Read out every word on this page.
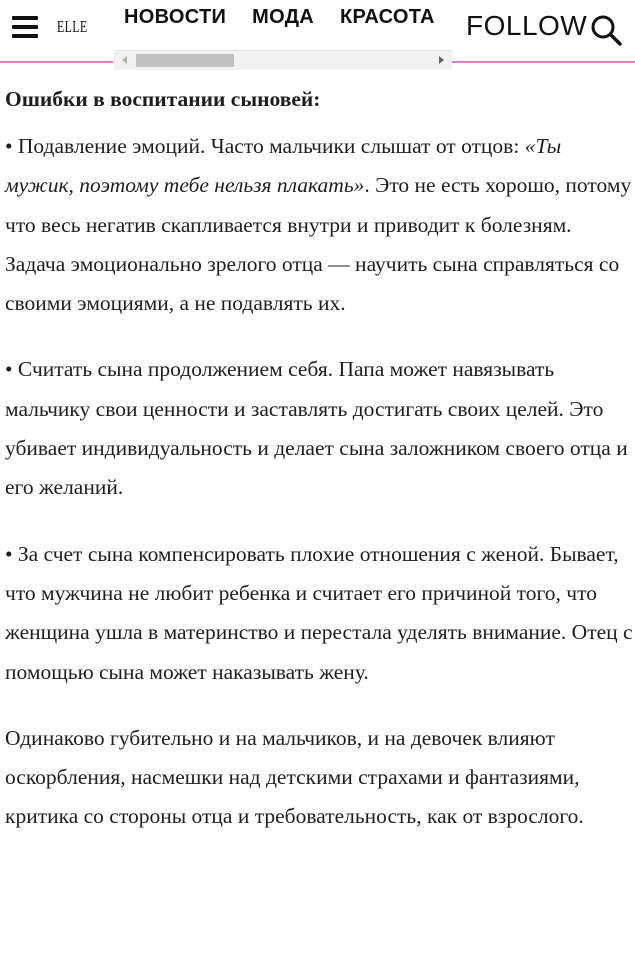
ELLE НОВОСТИ МОДА КРАСОТА	FOLLOW
Ошибки в воспитании сыновей:

• Подавление эмоций. Часто мальчики слышат от отцов: «Ты мужик, поэтому тебе нельзя плакать». Это не есть хорошо, потому что весь негатив скапливается внутри и приводит к болезням. Задача эмоционально зрелого отца — научить сына справляться со своими эмоциями, а не подавлять их.

• Считать сына продолжением себя. Папа может навязывать мальчику свои ценности и заставлять достигать своих целей. Это убивает индивидуальность и делает сына заложником своего отца и его желаний.

• За счет сына компенсировать плохие отношения с женой. Бывает, что мужчина не любит ребенка и считает его причиной того, что женщина ушла в материнство и перестала уделять внимание. Отец с помощью сына может наказывать жену.

Одинаково губительно и на мальчиков, и на девочек влияют оскорбления, насмешки над детскими страхами и фантазиями, критика со стороны отца и требовательность, как от взрослого.
